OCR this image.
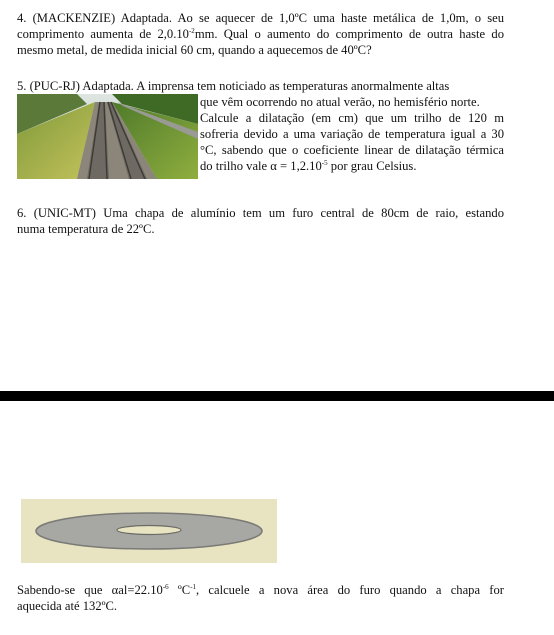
4. (MACKENZIE) Adaptada. Ao se aquecer de 1,0ºC uma haste metálica de 1,0m, o seu
comprimento aumenta de $2,0.10^{-2}mm$. Qual o aumento do comprimento de outra haste do
mesmo metal, de medida inicial 60 cm, quando a aquecemos de 40ºC?
5. (PUC-RJ) Adaptada. A imprensa tem noticiado as temperaturas anormalmente altas
que vêm ocorrendo no atual verão, no hemisfério norte.
Calcule a dilatação (em cm) que um trilho de 120 m
sofreria devido a uma variação de temperatura igual a 30
°C, sabendo que o coeficiente linear de dilatação térmica
do trilho vale $\alpha = 1,2.10^{-5}$ por grau Celsius.
6. (UNIC-MT) Uma chapa de alumínio tem um furo central de 80cm de raio, estando
numa temperatura de 22ºC.
Sabendo-se que $\alpha al=22.10^{-6}$ ºC$^{-1}$, calcuele a nova área do furo quando a chapa for
aquecida até 132ºC.
